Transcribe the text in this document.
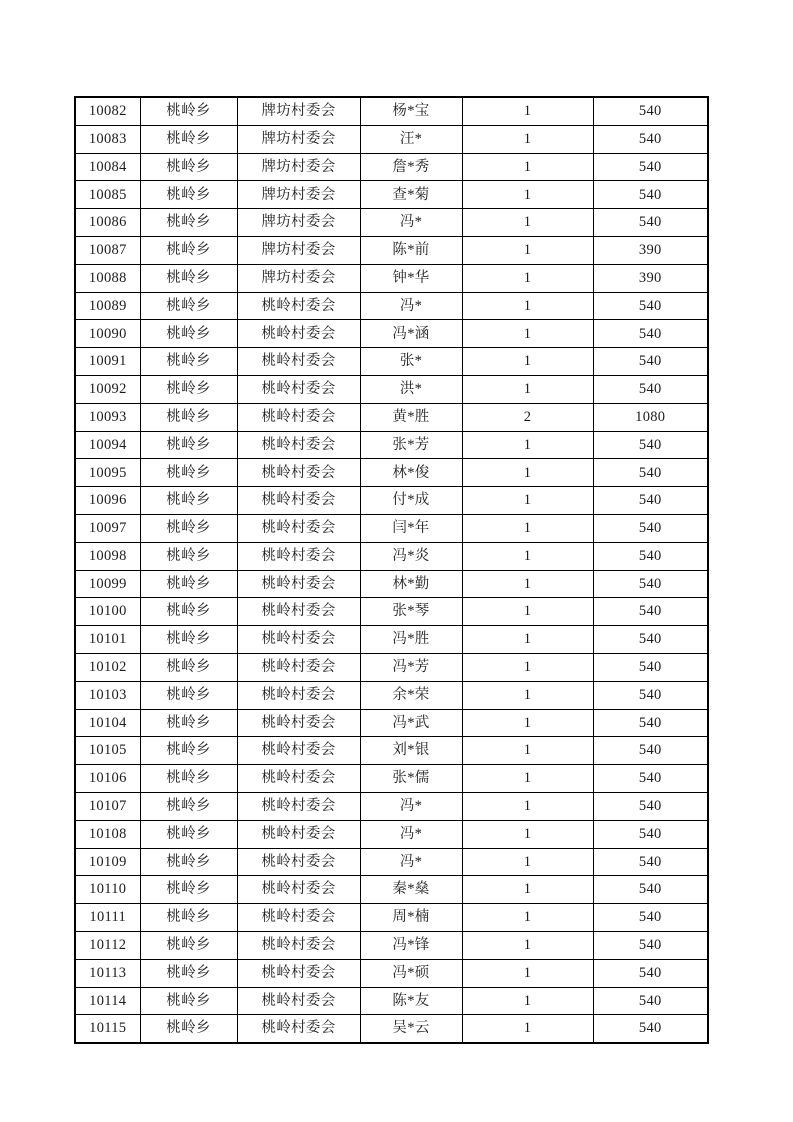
10082	桃岭乡	牌坊村委会	杨*宝	1	540
10083	桃岭乡	牌坊村委会	汪*	1	540
10084	桃岭乡	牌坊村委会	詹*秀	1	540
10085	桃岭乡	牌坊村委会	查*菊	1	540
10086	桃岭乡	牌坊村委会	冯*	1	540
10087	桃岭乡	牌坊村委会	陈*前	1	390
10088	桃岭乡	牌坊村委会	钟*华	1	390
10089	桃岭乡	桃岭村委会	冯*	1	540
10090	桃岭乡	桃岭村委会	冯*涵	1	540
10091	桃岭乡	桃岭村委会	张*	1	540
10092	桃岭乡	桃岭村委会	洪*	1	540
10093	桃岭乡	桃岭村委会	黄*胜	2	1080
10094	桃岭乡	桃岭村委会	张*芳	1	540
10095	桃岭乡	桃岭村委会	林*俊	1	540
10096	桃岭乡	桃岭村委会	付*成	1	540
10097	桃岭乡	桃岭村委会	闫*年	1	540
10098	桃岭乡	桃岭村委会	冯*炎	1	540
10099	桃岭乡	桃岭村委会	林*勤	1	540
10100	桃岭乡	桃岭村委会	张*琴	1	540
10101	桃岭乡	桃岭村委会	冯*胜	1	540
10102	桃岭乡	桃岭村委会	冯*芳	1	540
10103	桃岭乡	桃岭村委会	余*荣	1	540
10104	桃岭乡	桃岭村委会	冯*武	1	540
10105	桃岭乡	桃岭村委会	刘*银	1	540
10106	桃岭乡	桃岭村委会	张*儒	1	540
10107	桃岭乡	桃岭村委会	冯*	1	540
10108	桃岭乡	桃岭村委会	冯*	1	540
10109	桃岭乡	桃岭村委会	冯*	1	540
10110	桃岭乡	桃岭村委会	秦*燊	1	540
10111	桃岭乡	桃岭村委会	周*楠	1	540
10112	桃岭乡	桃岭村委会	冯*锋	1	540
10113	桃岭乡	桃岭村委会	冯*硕	1	540
10114	桃岭乡	桃岭村委会	陈*友	1	540
10115	桃岭乡	桃岭村委会	吴*云	1	540
